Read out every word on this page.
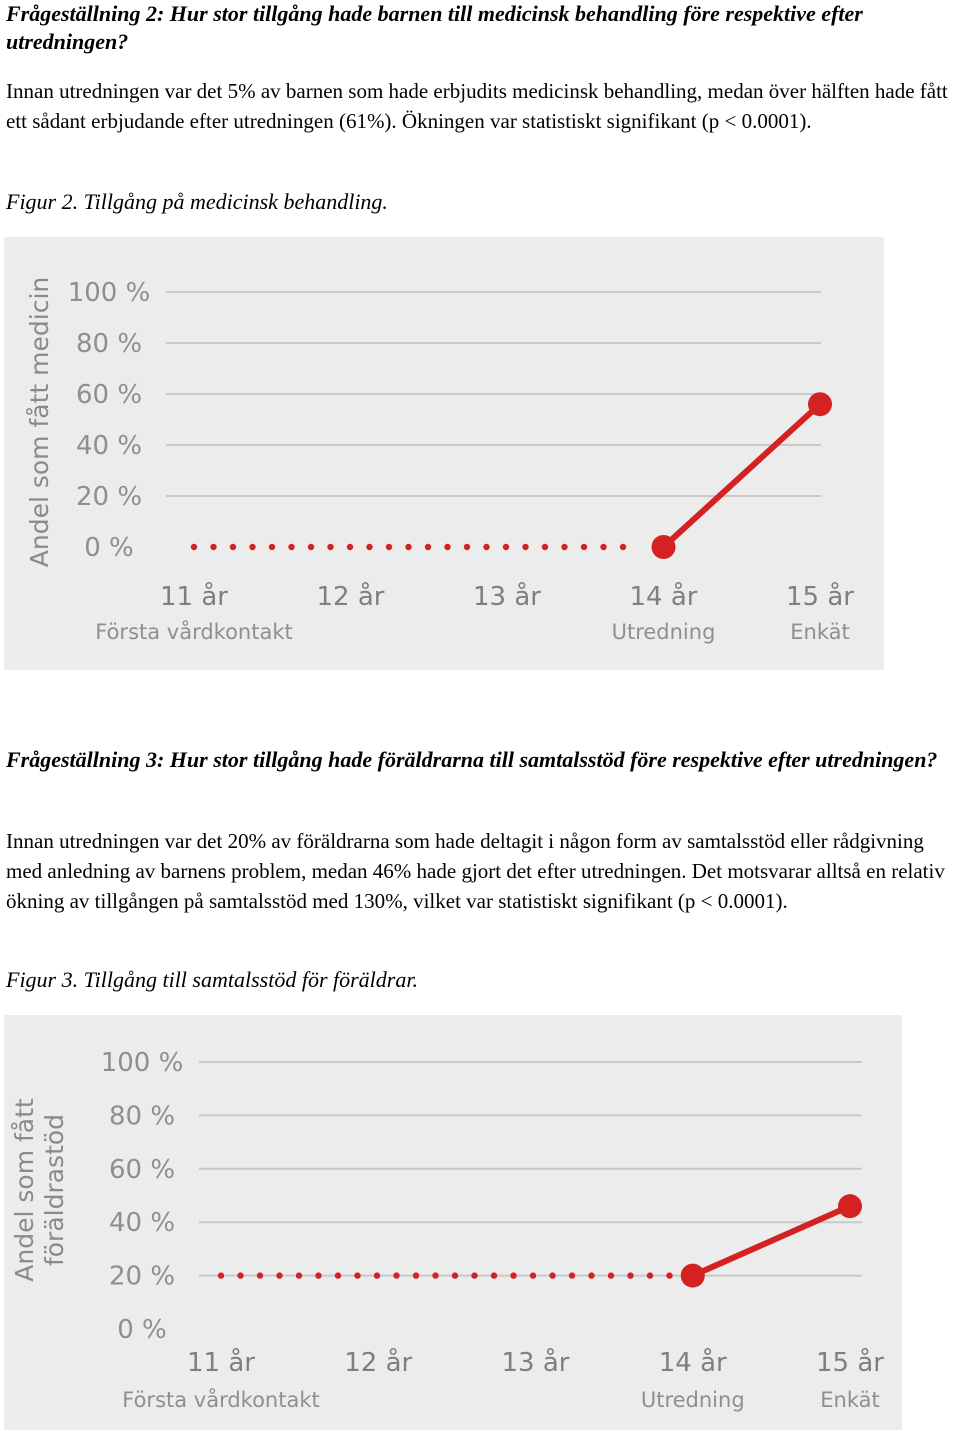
Frågeställning 2: Hur stor tillgång hade barnen till medicinsk behandling före respektive efter utredningen?

Innan utredningen var det 5% av barnen som hade erbjudits medicinsk behandling, medan över hälften hade fått ett sådant erbjudande efter utredningen (61%). Ökningen var statistiskt signifikant (p < 0.0001).

Figur 2. Tillgång på medicinsk behandling.

0 %
20 %
40 %
60 %
80 %
100 %
Andel som fått medicin
11 år
Första vårdkontakt
12 år	13 år	14 år
Utredning
15 år
Enkät
Frågeställning 3: Hur stor tillgång hade föräldrarna till samtalsstöd före respektive efter utredningen?

Innan utredningen var det 20% av föräldrarna som hade deltagit i någon form av samtalsstöd eller rådgivning med anledning av barnens problem, medan 46% hade gjort det efter utredningen. Det motsvarar alltså en relativ ökning av tillgången på samtalsstöd med 130%, vilket var statistiskt signifikant (p < 0.0001).

Figur 3. Tillgång till samtalsstöd för föräldrar.

0 %
20 %
40 %
60 %
80 %
100 %
Andel som fått föräldrastöd
11 år
Första vårdkontakt
12 år	13 år	14 år
Utredning
15 år
Enkät
